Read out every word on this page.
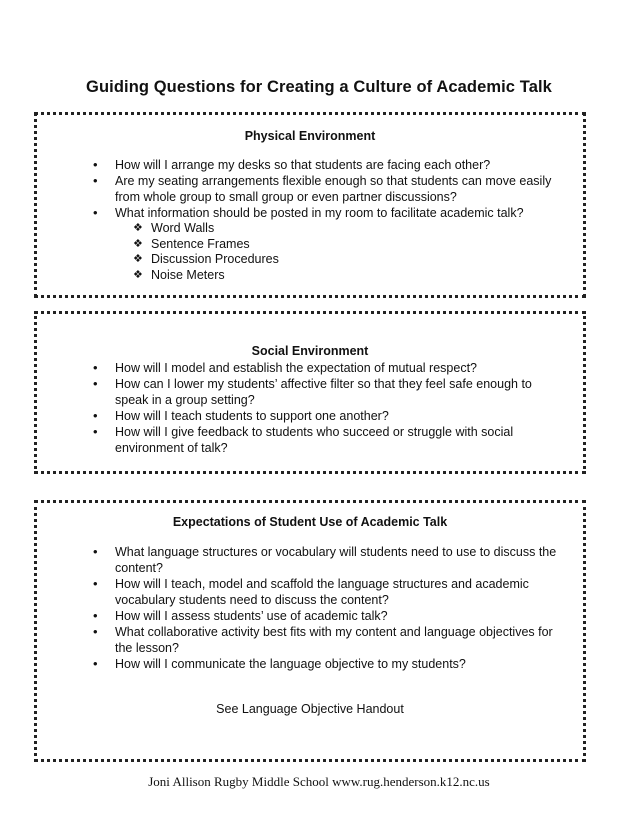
Guiding Questions for Creating a Culture of Academic Talk
Physical Environment
• How will I arrange my desks so that students are facing each other?
• Are my seating arrangements flexible enough so that students can move easily from whole group to small group or even partner discussions?
• What information should be posted in my room to facilitate academic talk?
❖ Word Walls
❖ Sentence Frames
❖ Discussion Procedures
❖ Noise Meters
Social Environment
• How will I model and establish the expectation of mutual respect?
• How can I lower my students’ affective filter so that they feel safe enough to speak in a group setting?
• How will I teach students to support one another?
• How will I give feedback to students who succeed or struggle with social environment of talk?
Expectations of Student Use of Academic Talk
• What language structures or vocabulary will students need to use to discuss the content?
• How will I teach, model and scaffold the language structures and academic vocabulary students need to discuss the content?
• How will I assess students’ use of academic talk?
• What collaborative activity best fits with my content and language objectives for the lesson?
• How will I communicate the language objective to my students?
See Language Objective Handout
Joni Allison Rugby Middle School www.rug.henderson.k12.nc.us
